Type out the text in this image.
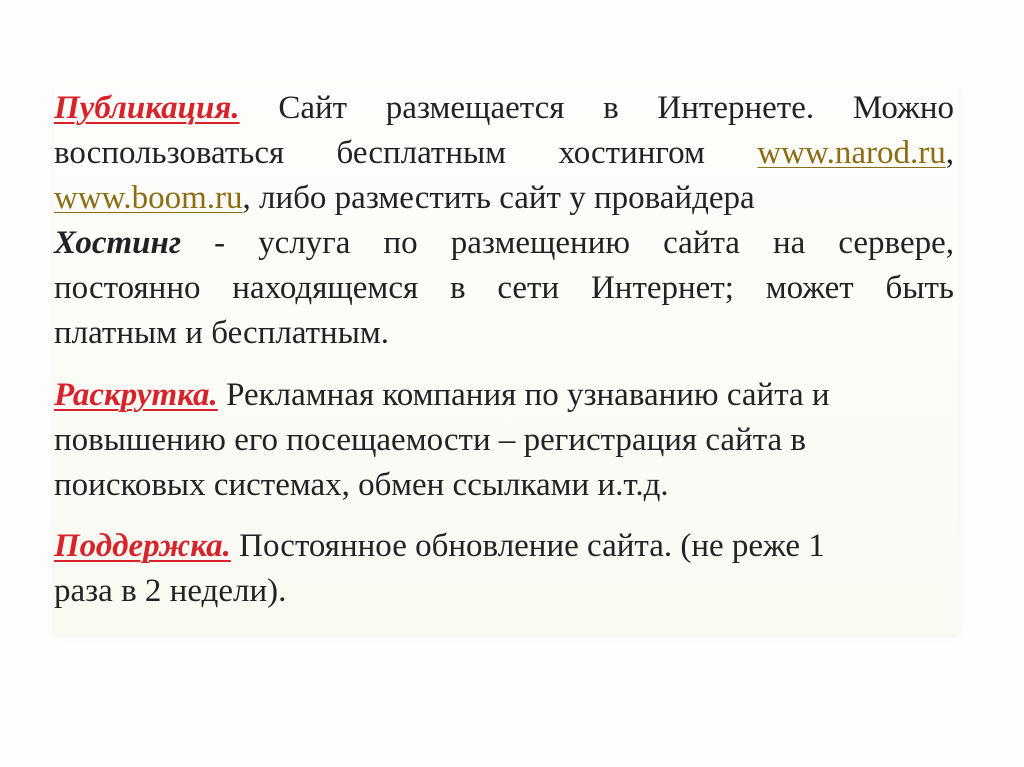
Публикация. Сайт размещается в Интернете. Можно
воспользоваться бесплатным хостингом www.narod.ru,
www.boom.ru, либо разместить сайт у провайдера
Хостинг - услуга по размещению сайта на сервере,
постоянно находящемся в сети Интернет; может быть
платным и бесплатным.
Раскрутка. Рекламная компания по узнаванию сайта и
повышению его посещаемости – регистрация сайта в
поисковых системах, обмен ссылками и.т.д.
Поддержка. Постоянное обновление сайта. (не реже 1
раза в 2 недели).
